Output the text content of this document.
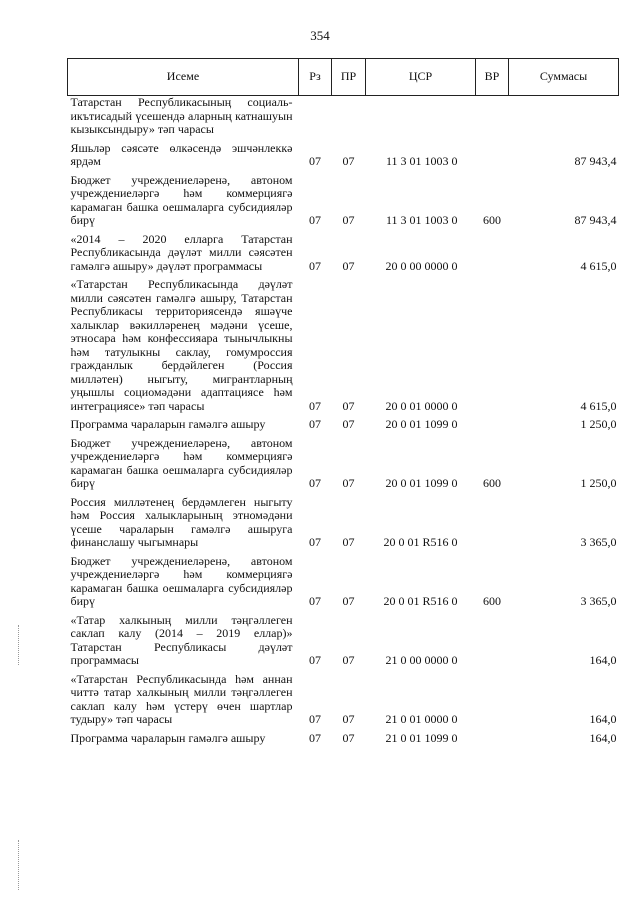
354
Исеме	Рз	ПР	ЦСР	ВР	Суммасы
Татарстан Республикасының социаль-икътисадый үсешендә аларның катнашуын кызыксындыру» тәп чарасы					
Яшьләр сәясәте өлкәсендә эшчәнлеккә ярдәм	07	07	11 3 01 1003 0		87 943,4
Бюджет учреждениеләренә, автоном учреждениеләргә һәм коммерциягә карамаган башка оешмаларга субсидияләр бирү	07	07	11 3 01 1003 0	600	87 943,4
«2014 – 2020 елларга Татарстан Республикасында дәүләт милли сәясәтен гамәлгә ашыру» дәүләт программасы	07	07	20 0 00 0000 0		4 615,0
«Татарстан Республикасында дәүләт милли сәясәтен гамәлгә ашыру, Татарстан Республикасы территориясендә яшәүче халыклар вәкилләренең мәдәни үсеше, этносара һәм конфессияара тынычлыкны һәм татулыкны саклау, гомумроссия гражданлык бердәйлеген (Россия милләтен) ныгыту, мигрантларның уңышлы социомәдәни адаптациясе һәм интеграциясе» тәп чарасы	07	07	20 0 01 0000 0		4 615,0
Программа чараларын гамәлгә ашыру	07	07	20 0 01 1099 0		1 250,0
Бюджет учреждениеләренә, автоном учреждениеләргә һәм коммерциягә карамаган башка оешмаларга субсидияләр бирү	07	07	20 0 01 1099 0	600	1 250,0
Россия милләтенең бердәмлеген ныгыту һәм Россия халыкларының этномәдәни үсеше чараларын гамәлгә ашыруга финанслашу чыгымнары	07	07	20 0 01 R516 0		3 365,0
Бюджет учреждениеләренә, автоном учреждениеләргә һәм коммерциягә карамаган башка оешмаларга субсидияләр бирү	07	07	20 0 01 R516 0	600	3 365,0
«Татар халкының милли тәңгәллеген саклап калу (2014 – 2019 еллар)» Татарстан Республикасы дәүләт программасы	07	07	21 0 00 0000 0		164,0
«Татарстан Республикасында һәм аннан читтә татар халкының милли тәңгәллеген саклап калу һәм үстерү өчен шартлар тудыру» тәп чарасы	07	07	21 0 01 0000 0		164,0
Программа чараларын гамәлгә ашыру	07	07	21 0 01 1099 0		164,0
